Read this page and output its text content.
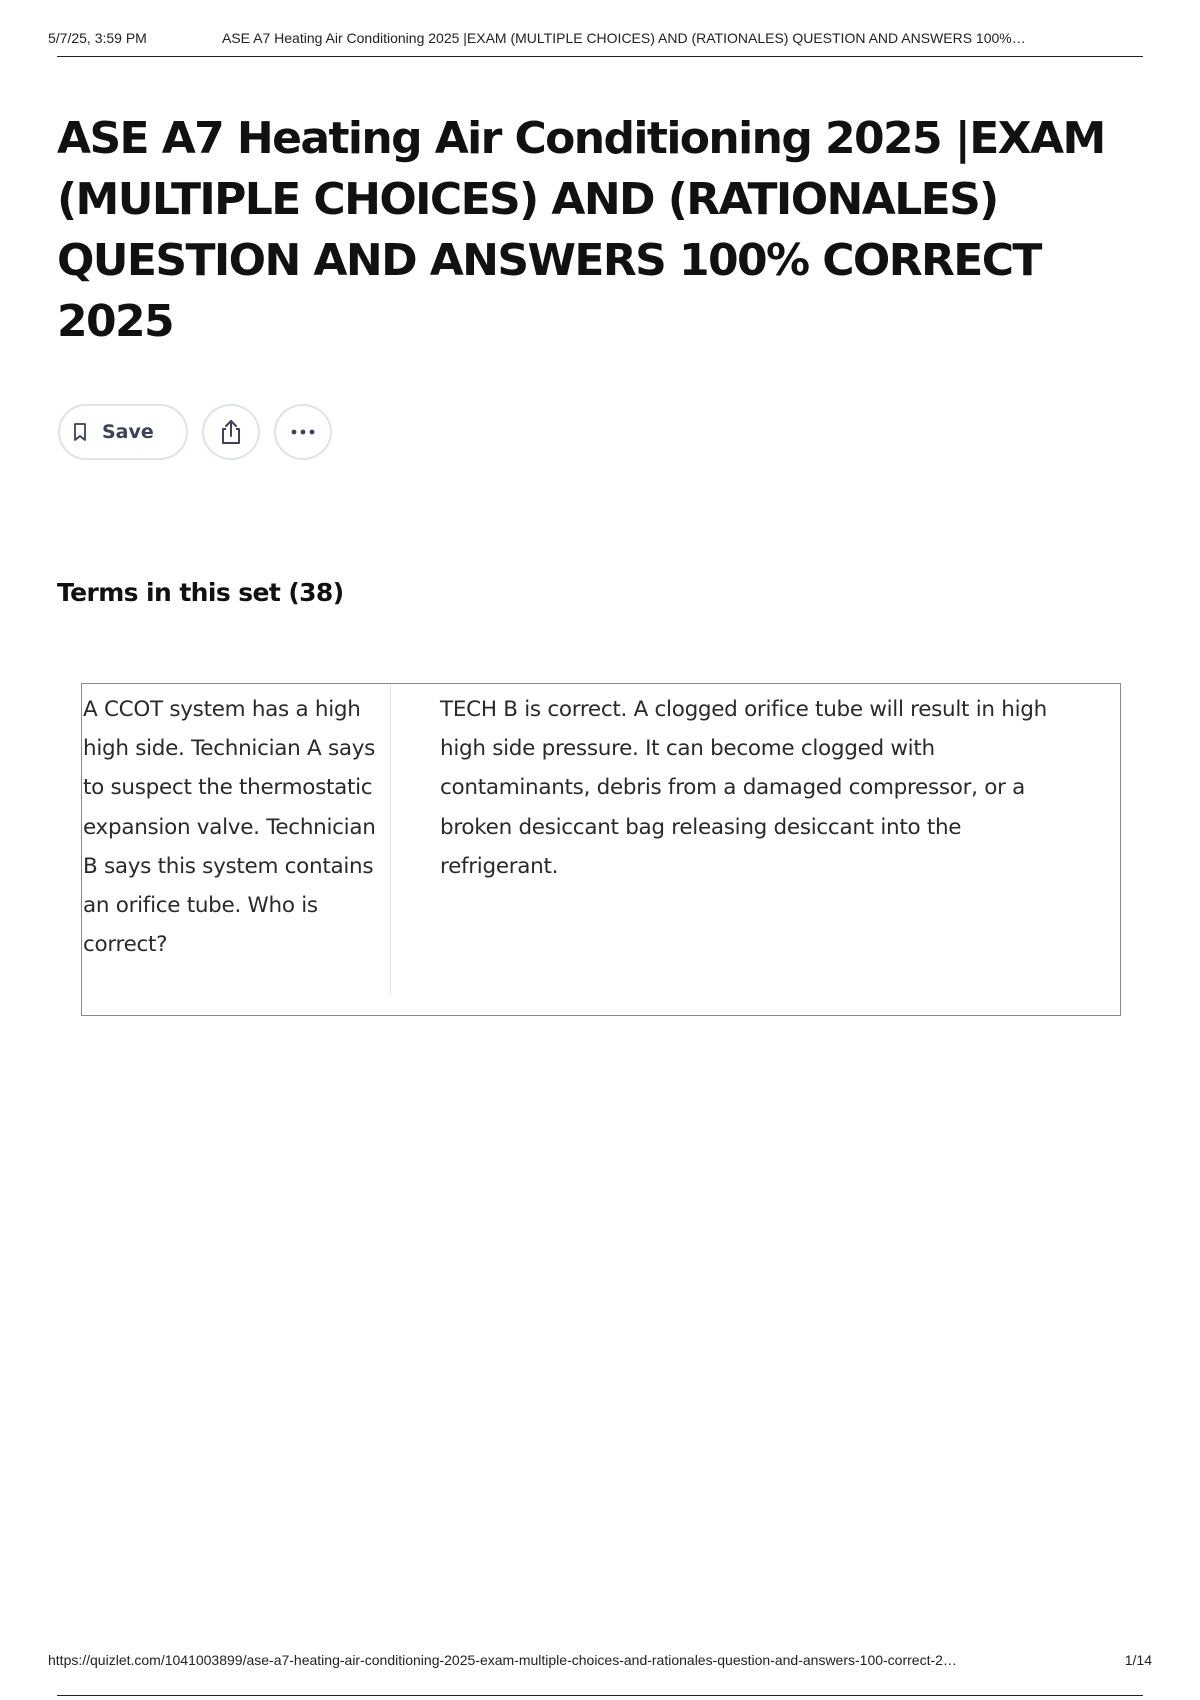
5/7/25, 3:59 PM	ASE A7 Heating Air Conditioning 2025 |EXAM (MULTIPLE CHOICES) AND (RATIONALES) QUESTION AND ANSWERS 100%…
ASE A7 Heating Air Conditioning 2025 |EXAM (MULTIPLE CHOICES) AND (RATIONALES) QUESTION AND ANSWERS 100% CORRECT 2025
Save
Terms in this set (38)
A CCOT system has a high high side. Technician A says to suspect the thermostatic expansion valve. Technician B says this system contains an orifice tube. Who is correct?
TECH B is correct. A clogged orifice tube will result in high high side pressure. It can become clogged with contaminants, debris from a damaged compressor, or a broken desiccant bag releasing desiccant into the refrigerant.
https://quizlet.com/1041003899/ase-a7-heating-air-conditioning-2025-exam-multiple-choices-and-rationales-question-and-answers-100-correct-2…	1/14
